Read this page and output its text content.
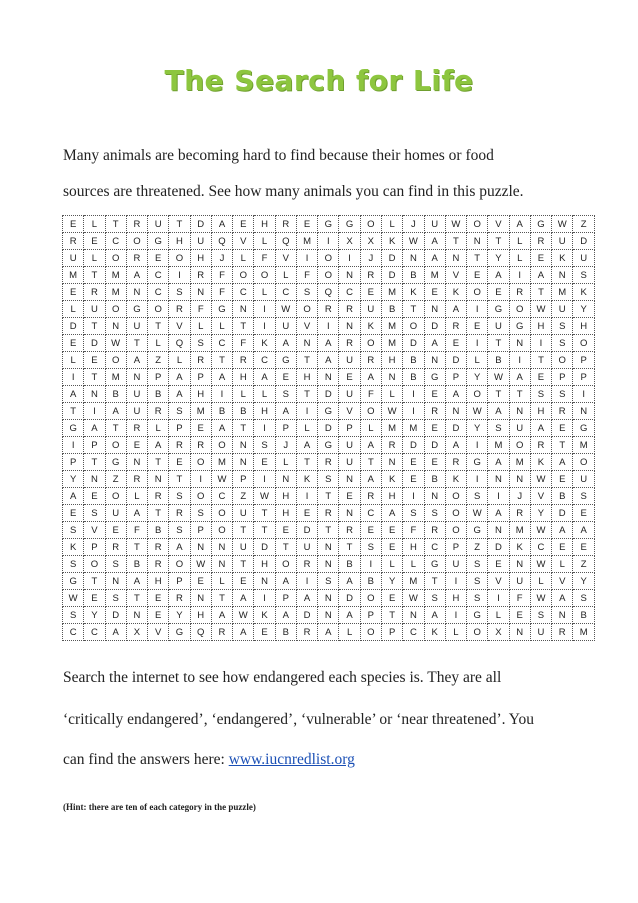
The Search for Life
Many animals are becoming hard to find because their homes or food
sources are threatened. See how many animals you can find in this puzzle.
E	L	T	R	U	T	D	A	E	H	R	E	G	G	O	L	J	U	W	O	V	A	G	W	Z
R	E	C	O	G	H	U	Q	V	L	Q	M	I	X	X	K	W	A	T	N	T	L	R	U	D
U	L	O	R	E	O	H	J	L	F	V	I	O	I	J	D	N	A	N	T	Y	L	E	K	U
M	T	M	A	C	I	R	F	O	O	L	F	O	N	R	D	B	M	V	E	A	I	A	N	S
E	R	M	N	C	S	N	F	C	L	C	S	Q	C	E	M	K	E	K	O	E	R	T	M	K
L	U	O	G	O	R	F	G	N	I	W	O	R	R	U	B	T	N	A	I	G	O	W	U	Y
D	T	N	U	T	V	L	L	T	I	U	V	I	N	K	M	O	D	R	E	U	G	H	S	H
E	D	W	T	L	Q	S	C	F	K	A	N	A	R	O	M	D	A	E	I	T	N	I	S	O
L	E	O	A	Z	L	R	T	R	C	G	T	A	U	R	H	B	N	D	L	B	I	T	O	P
I	T	M	N	P	A	P	A	H	A	E	H	N	E	A	N	B	G	P	Y	W	A	E	P	P
A	N	B	U	B	A	H	I	L	L	S	T	D	U	F	L	I	E	A	O	T	T	S	S	I
T	I	A	U	R	S	M	B	B	H	A	I	G	V	O	W	I	R	N	W	A	N	H	R	N
G	A	T	R	L	P	E	A	T	I	P	L	D	P	L	M	M	E	D	Y	S	U	A	E	G
I	P	O	E	A	R	R	O	N	S	J	A	G	U	A	R	D	D	A	I	M	O	R	T	M
P	T	G	N	T	E	O	M	N	E	L	T	R	U	T	N	E	E	R	G	A	M	K	A	O
Y	N	Z	R	N	T	I	W	P	I	N	K	S	N	A	K	E	B	K	I	N	N	W	E	U
A	E	O	L	R	S	O	C	Z	W	H	I	T	E	R	H	I	N	O	S	I	J	V	B	S
E	S	U	A	T	R	S	O	U	T	H	E	R	N	C	A	S	S	O	W	A	R	Y	D	E
S	V	E	F	B	S	P	O	T	T	E	D	T	R	E	E	F	R	O	G	N	M	W	A	A
K	P	R	T	R	A	N	N	U	D	T	U	N	T	S	E	H	C	P	Z	D	K	C	E	E
S	O	S	B	R	O	W	N	T	H	O	R	N	B	I	L	L	G	U	S	E	N	W	L	Z
G	T	N	A	H	P	E	L	E	N	A	I	S	A	B	Y	M	T	I	S	V	U	L	V	Y
W	E	S	T	E	R	N	T	A	I	P	A	N	D	O	E	W	S	H	S	I	F	W	A	S
S	Y	D	N	E	Y	H	A	W	K	A	D	N	A	P	T	N	A	I	G	L	E	S	N	B
C	C	A	X	V	G	Q	R	A	E	B	R	A	L	O	P	C	K	L	O	X	N	U	R	M
Search the internet to see how endangered each species is. They are all
‘critically endangered’, ‘endangered’, ‘vulnerable’ or ‘near threatened’. You
can find the answers here: www.iucnredlist.org
(Hint: there are ten of each category in the puzzle)
